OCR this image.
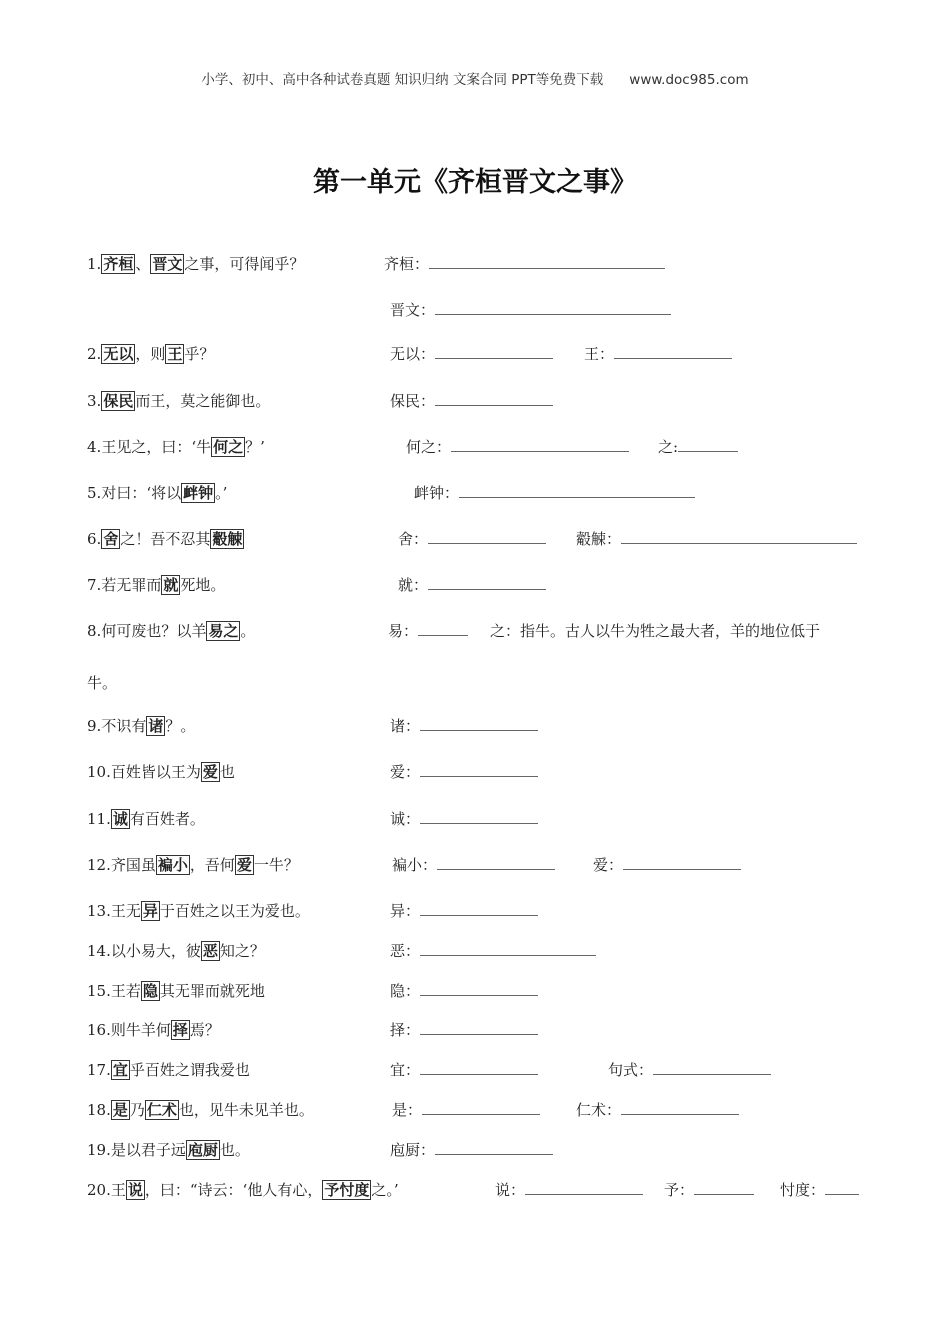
小学、初中、高中各种试卷真题 知识归纳 文案合同 PPT等免费下载 www.doc985.com
第一单元《齐桓晋文之事》
1. 齐桓 、 晋文 之事，可得闻乎？	齐桓：
晋文：
2. 无以 ，则 王 乎？	无以：	王：
3. 保民 而王，莫之能御也。	保民：
4.王见之，曰：‘牛 何之 ？’	何之：	之:
5.对曰：‘将以 衅钟 。’	衅钟：
6. 舍 之！吾不忍其 觳觫	舍：	觳觫：
7.若无罪而 就 死地。	就：
8.何可废也？以羊 易之 。	易：	之：指牛。古人以牛为牲之最大者，羊的地位低于
牛。
9.不识有 诸 ？。	诸：
10.百姓皆以王为 爱 也	爱：
11. 诚 有百姓者。	诚：
12.齐国虽 褊小 ，吾何 爱 一牛？	褊小：	爱：
13.王无 异 于百姓之以王为爱也。	异：
14.以小易大，彼 恶 知之？	恶：
15.王若 隐 其无罪而就死地	隐：
16.则牛羊何 择 焉？	择：
17. 宜 乎百姓之谓我爱也	宜：	句式：
18. 是 乃 仁术 也，见牛未见羊也。	是：	仁术：
19.是以君子远 庖厨 也。	庖厨：
20.王 说 ，曰：“诗云：‘他人有心， 予忖度 之。’	说：	予：	忖度：
